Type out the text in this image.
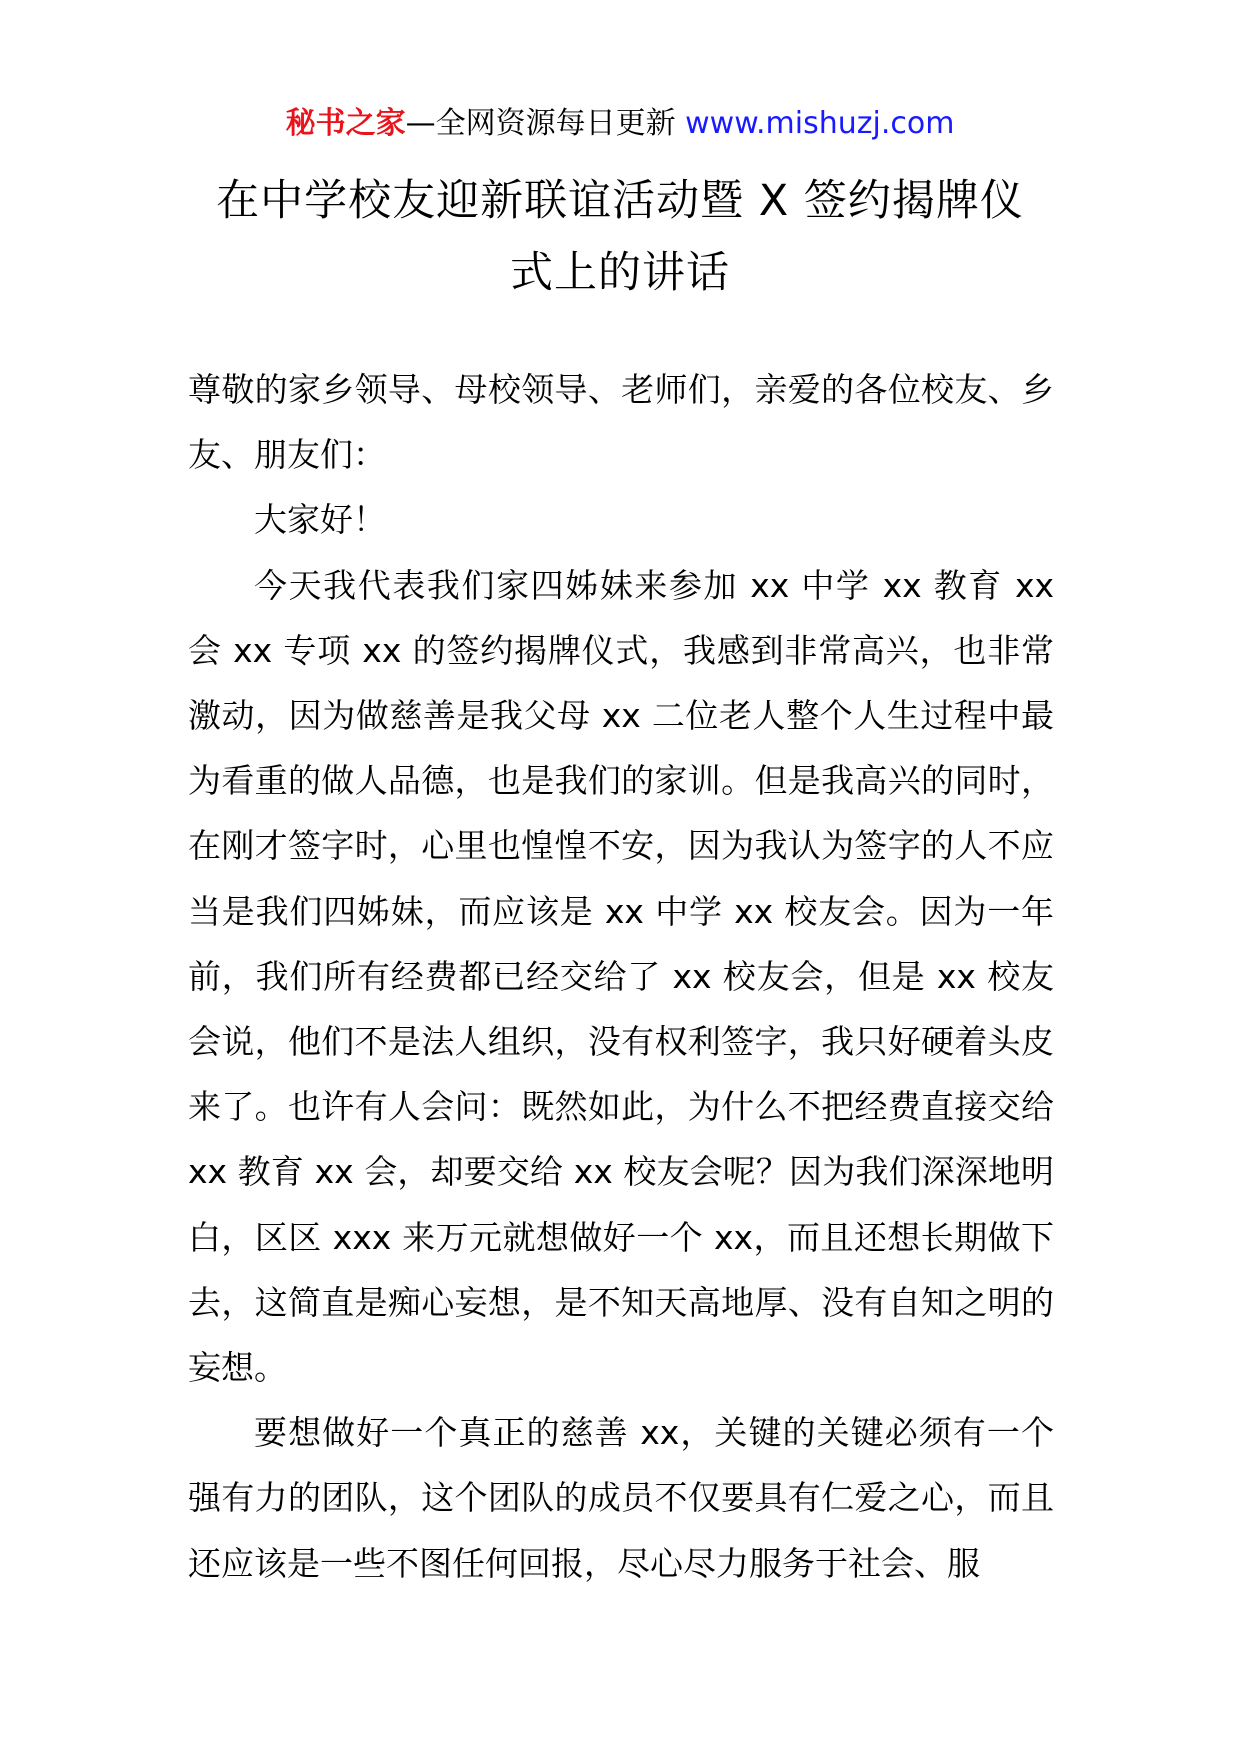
秘书之家—全网资源每日更新 www.mishuzj.com
在中学校友迎新联谊活动暨 X 签约揭牌仪
式上的讲话

尊敬的家乡领导、母校领导、老师们，亲爱的各位校友、乡友、朋友们：

大家好！

今天我代表我们家四姊妹来参加 xx 中学 xx 教育 xx 会 xx 专项 xx 的签约揭牌仪式，我感到非常高兴，也非常激动，因为做慈善是我父母 xx 二位老人整个人生过程中最为看重的做人品德，也是我们的家训。但是我高兴的同时，在刚才签字时，心里也惶惶不安，因为我认为签字的人不应当是我们四姊妹，而应该是 xx 中学 xx 校友会。因为一年前，我们所有经费都已经交给了 xx 校友会，但是 xx 校友会说，他们不是法人组织，没有权利签字，我只好硬着头皮来了。也许有人会问：既然如此，为什么不把经费直接交给 xx 教育 xx 会，却要交给 xx 校友会呢？因为我们深深地明白，区区 xxx 来万元就想做好一个 xx，而且还想长期做下去，这简直是痴心妄想，是不知天高地厚、没有自知之明的妄想。

要想做好一个真正的慈善 xx，关键的关键必须有一个强有力的团队，这个团队的成员不仅要具有仁爱之心，而且还应该是一些不图任何回报，尽心尽力服务于社会、服
